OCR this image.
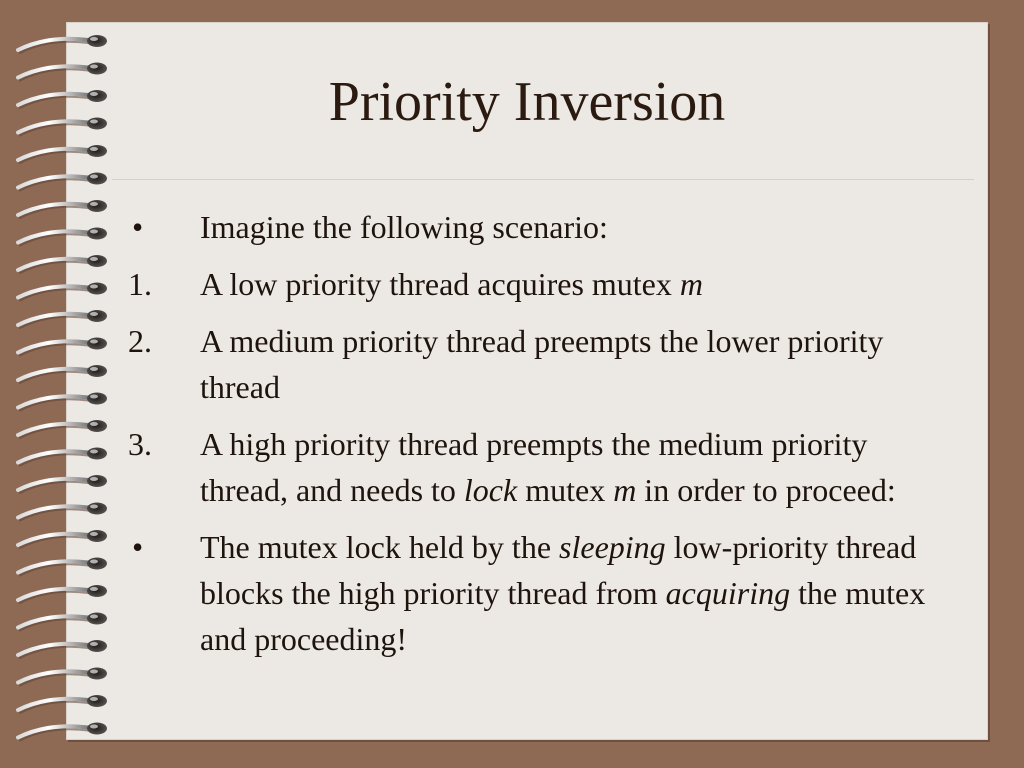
Priority Inversion
•	Imagine the following scenario:
1.	A low priority thread acquires mutex m
2.	A medium priority thread preempts the lower priority thread
3.	A high priority thread preempts the medium priority thread, and needs to lock mutex m in order to proceed:
•	The mutex lock held by the sleeping low-priority thread blocks the high priority thread from acquiring the mutex and proceeding!
